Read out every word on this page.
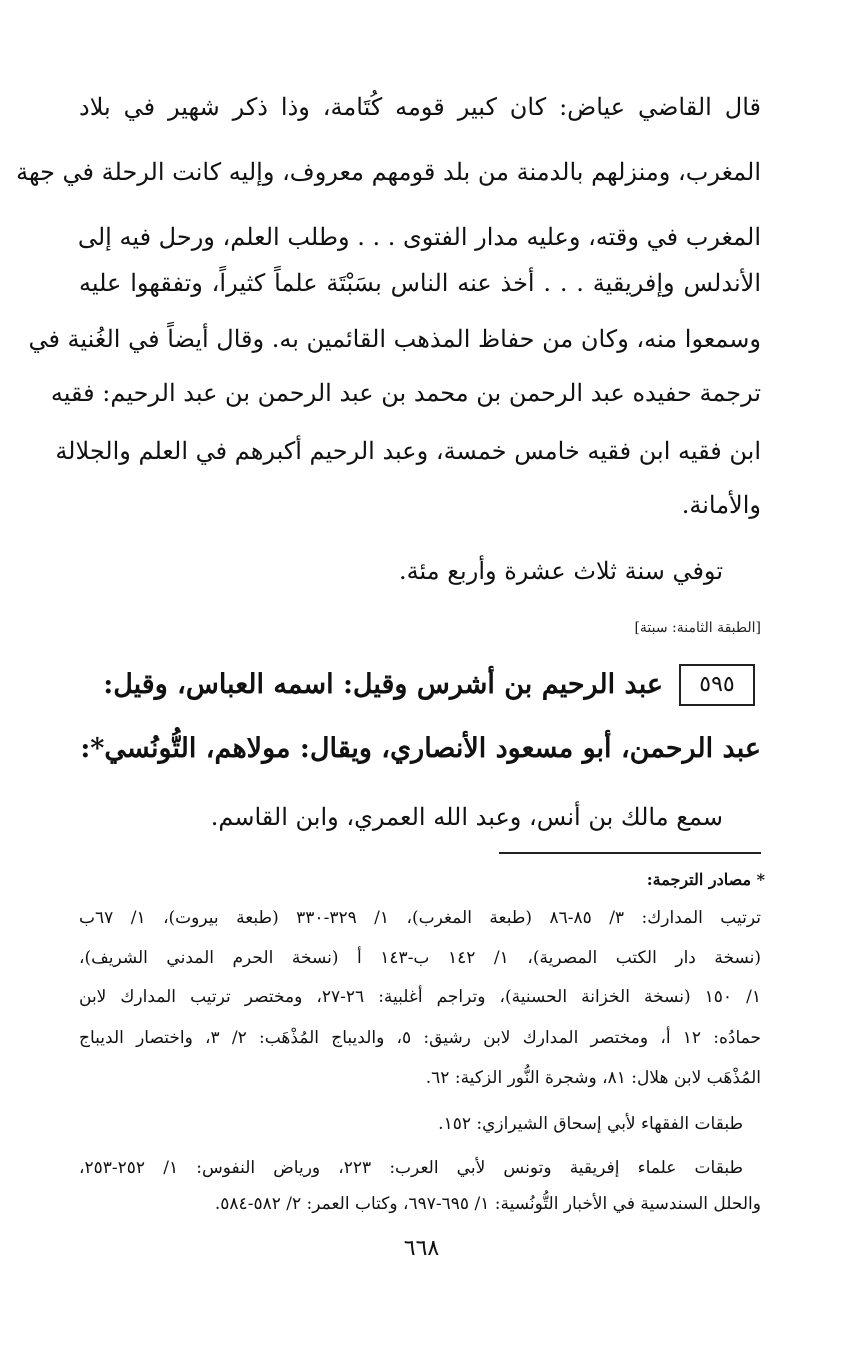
قال القاضي عياض: كان كبير قومه كُتَامة، وذا ذكر شهير في بلاد
المغرب، ومنزلهم بالدمنة من بلد قومهم معروف، وإليه كانت الرحلة في جهة
المغرب في وقته، وعليه مدار الفتوى . . . وطلب العلم، ورحل فيه إلى
الأندلس وإفريقية . . . أخذ عنه الناس بسَبْتَة علماً كثيراً، وتفقهوا عليه
وسمعوا منه، وكان من حفاظ المذهب القائمين به. وقال أيضاً في الغُنية في
ترجمة حفيده عبد الرحمن بن محمد بن عبد الرحمن بن عبد الرحيم: فقيه
ابن فقيه ابن فقيه خامس خمسة، وعبد الرحيم أكبرهم في العلم والجلالة
والأمانة.
توفي سنة ثلاث عشرة وأربع مئة.
[الطبقة الثامنة: سبتة]
٥٩٥
عبد الرحيم بن أشرس وقيل: اسمه العباس، وقيل:
عبد الرحمن، أبو مسعود الأنصاري، ويقال: مولاهم، التُّونُسي*:
سمع مالك بن أنس، وعبد الله العمري، وابن القاسم.
* مصادر الترجمة:
ترتيب المدارك: ٣/ ٨٥-٨٦ (طبعة المغرب)، ١/ ٣٢٩-٣٣٠ (طبعة بيروت)، ١/ ٦٧ب
(نسخة دار الكتب المصرية)، ١/ ١٤٢ ب-١٤٣ أ (نسخة الحرم المدني الشريف)،
١/ ١٥٠ (نسخة الخزانة الحسنية)، وتراجم أغلبية: ٢٦-٢٧، ومختصر ترتيب المدارك لابن
حمادُه: ١٢ أ، ومختصر المدارك لابن رشيق: ٥، والديباج المُذْهَب: ٢/ ٣، واختصار الديباج
المُذْهَب لابن هلال: ٨١، وشجرة النُّور الزكية: ٦٢.
طبقات الفقهاء لأبي إسحاق الشيرازي: ١٥٢.
طبقات علماء إفريقية وتونس لأبي العرب: ٢٢٣، ورياض النفوس: ١/ ٢٥٢-٢٥٣،
والحلل السندسية في الأخبار التُّونُسية: ١/ ٦٩٥-٦٩٧، وكتاب العمر: ٢/ ٥٨٢-٥٨٤.
٦٦٨
